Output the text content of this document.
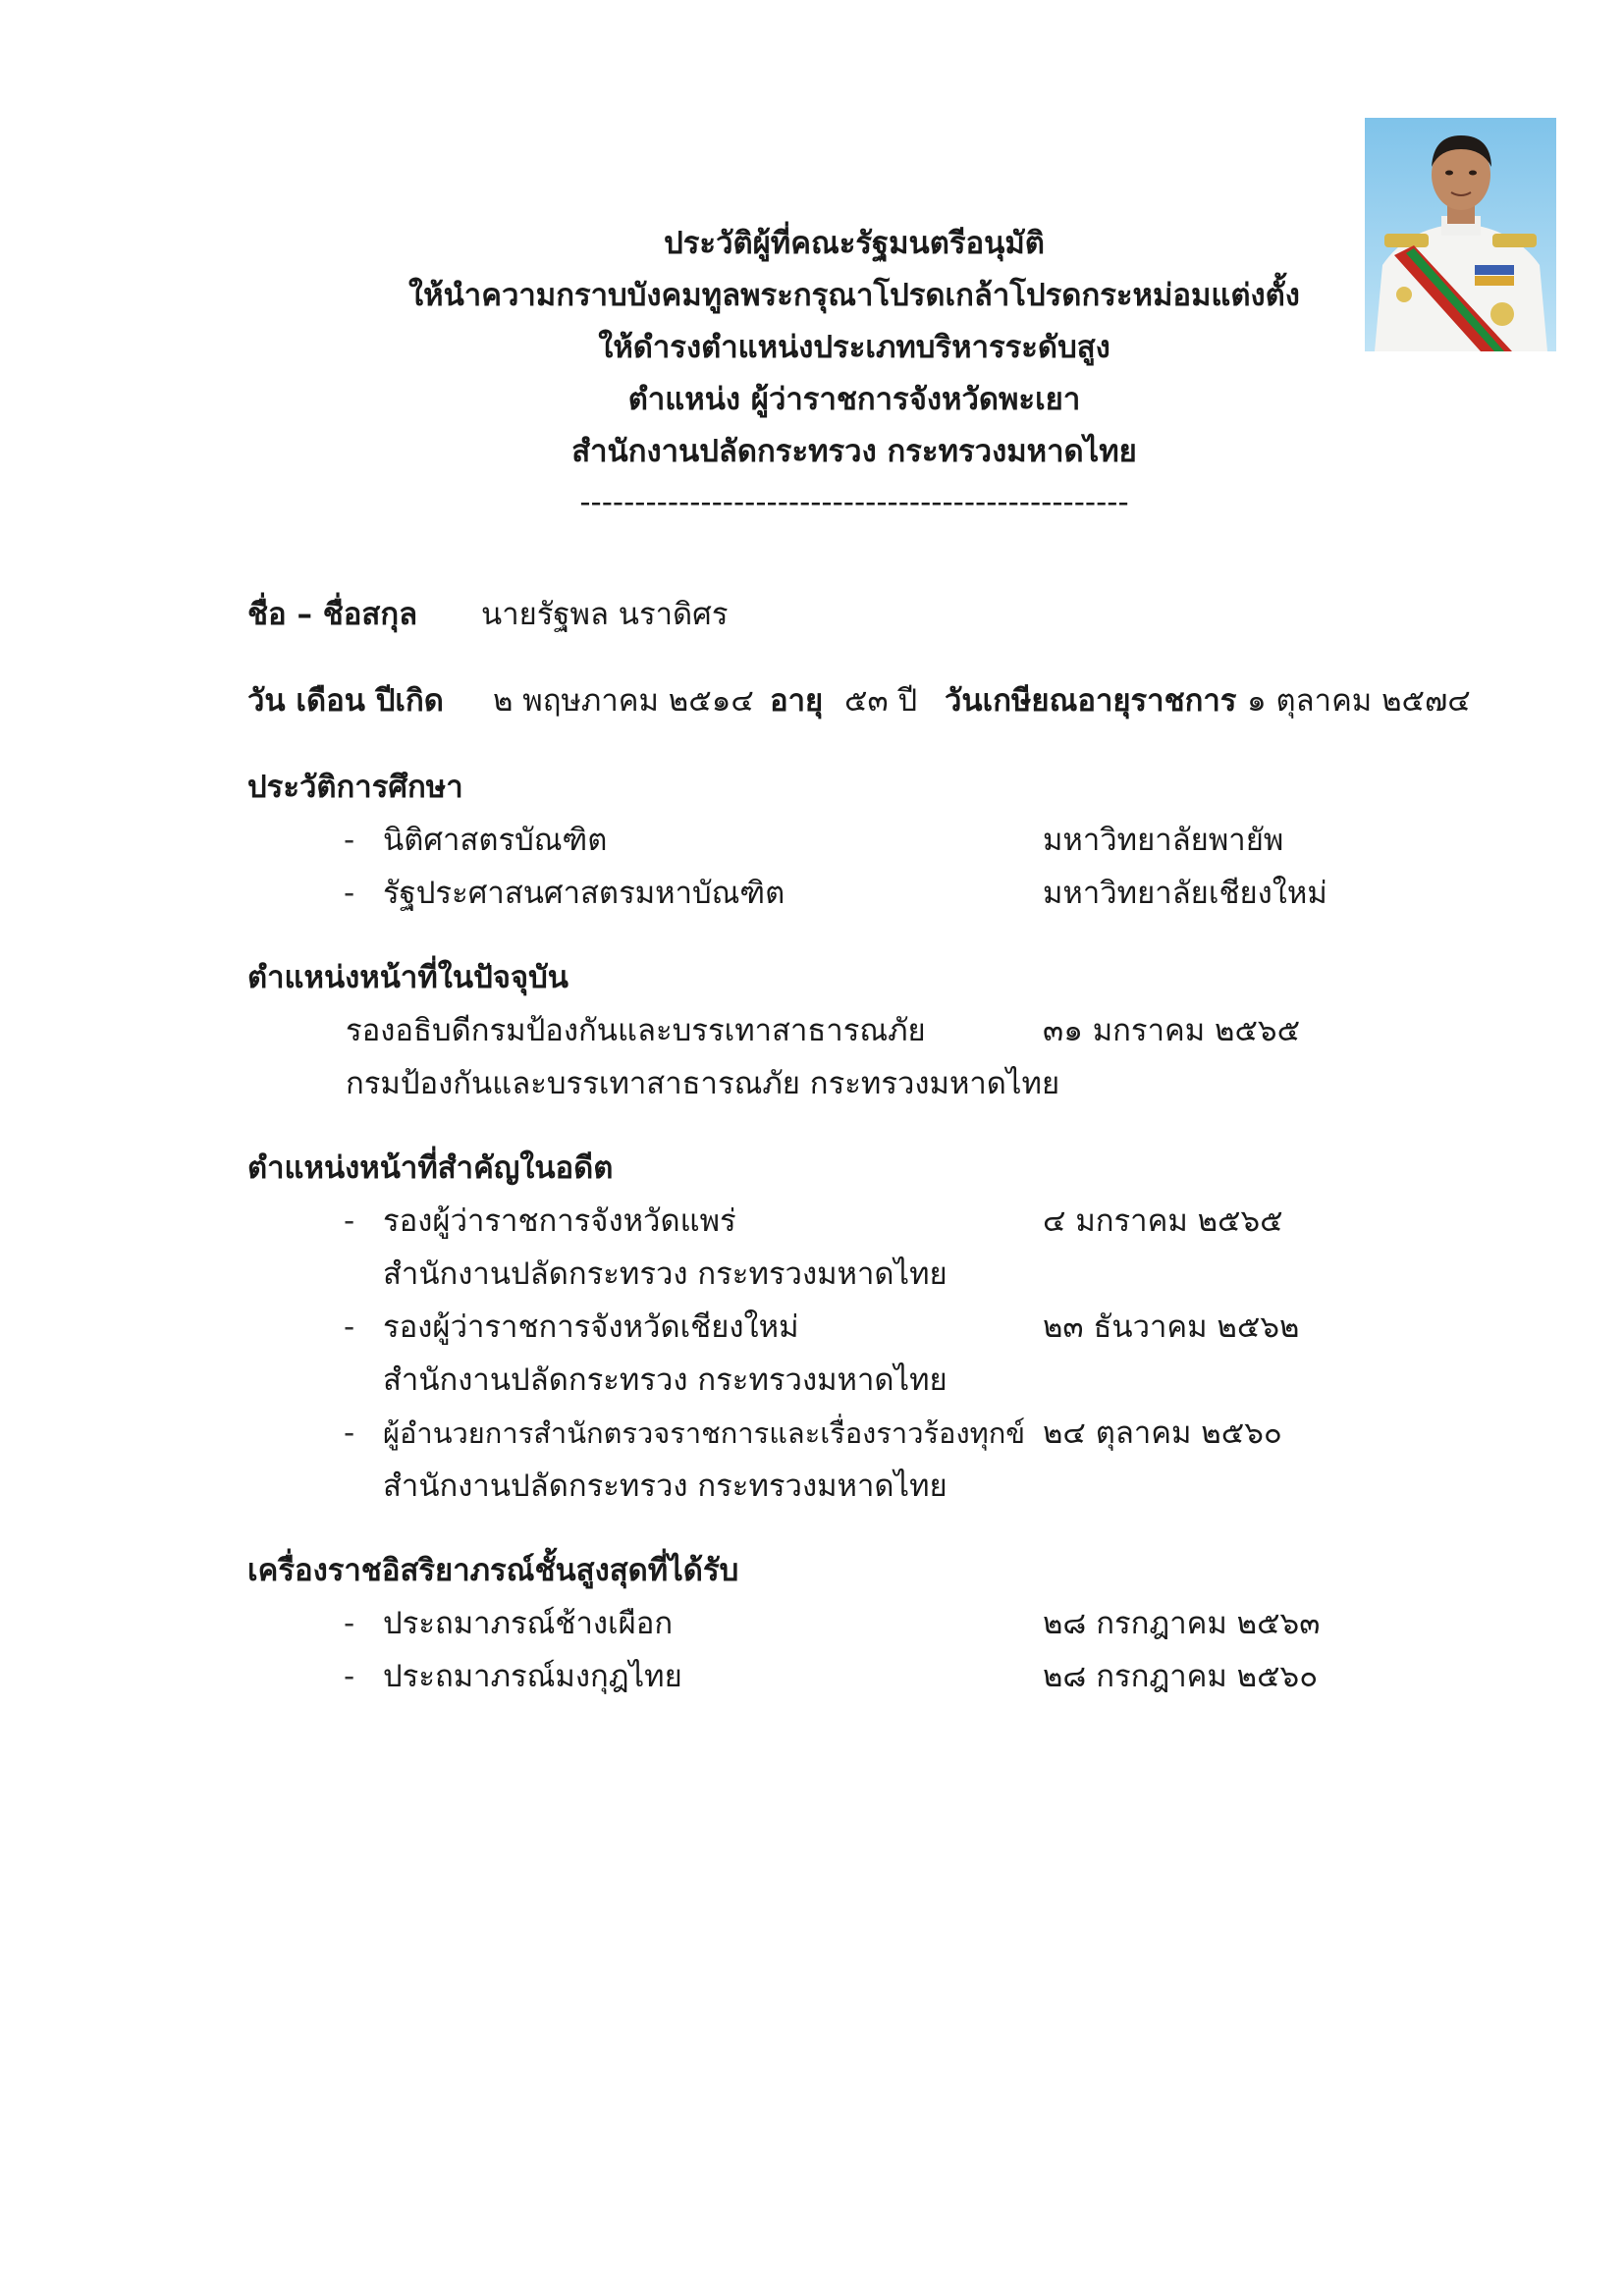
ประวัติผู้ที่คณะรัฐมนตรีอนุมัติ
ให้นำความกราบบังคมทูลพระกรุณาโปรดเกล้าโปรดกระหม่อมแต่งตั้ง
ให้ดำรงตำแหน่งประเภทบริหารระดับสูง
ตำแหน่ง ผู้ว่าราชการจังหวัดพะเยา
สำนักงานปลัดกระทรวง กระทรวงมหาดไทย
--------------------------------------------------
ชื่อ – ชื่อสกุล นายรัฐพล นราดิศร
วัน เดือน ปีเกิด ๒ พฤษภาคม ๒๕๑๔ อายุ ๕๓ ปี วันเกษียณอายุราชการ ๑ ตุลาคม ๒๕๗๔
ประวัติการศึกษา
- นิติศาสตรบัณฑิต	มหาวิทยาลัยพายัพ
- รัฐประศาสนศาสตรมหาบัณฑิต	มหาวิทยาลัยเชียงใหม่
ตำแหน่งหน้าที่ในปัจจุบัน
รองอธิบดีกรมป้องกันและบรรเทาสาธารณภัย	๓๑ มกราคม ๒๕๖๕
กรมป้องกันและบรรเทาสาธารณภัย กระทรวงมหาดไทย
ตำแหน่งหน้าที่สำคัญในอดีต
- รองผู้ว่าราชการจังหวัดแพร่	๔ มกราคม ๒๕๖๕
สำนักงานปลัดกระทรวง กระทรวงมหาดไทย
- รองผู้ว่าราชการจังหวัดเชียงใหม่	๒๓ ธันวาคม ๒๕๖๒
สำนักงานปลัดกระทรวง กระทรวงมหาดไทย
- ผู้อำนวยการสำนักตรวจราชการและเรื่องราวร้องทุกข์ ๒๔ ตุลาคม ๒๕๖๐
สำนักงานปลัดกระทรวง กระทรวงมหาดไทย
เครื่องราชอิสริยาภรณ์ชั้นสูงสุดที่ได้รับ
- ประถมาภรณ์ช้างเผือก	๒๘ กรกฎาคม ๒๕๖๓
- ประถมาภรณ์มงกุฎไทย	๒๘ กรกฎาคม ๒๕๖๐
